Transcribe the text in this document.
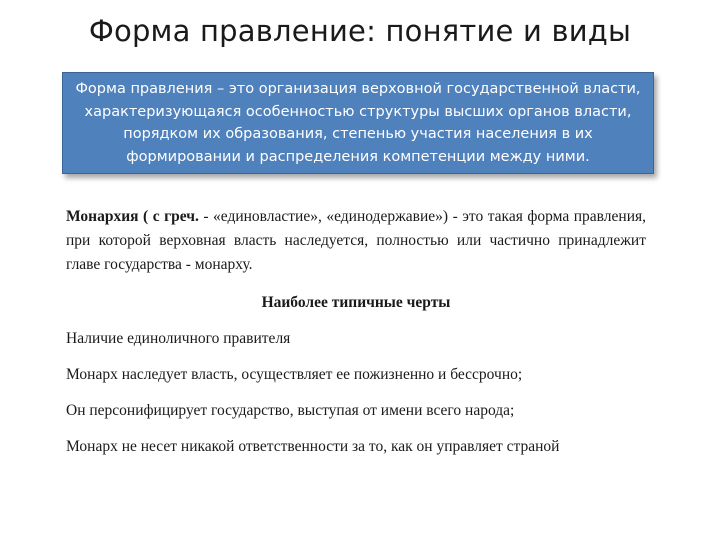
Форма правление: понятие и виды
Форма правления – это организация верховной государственной власти, характеризующаяся особенностью структуры высших органов власти, порядком их образования, степенью участия населения в их формировании и распределения компетенции между ними.

Монархия ( с греч. - «единовластие», «единодержавие») - это такая форма правления, при которой верховная власть наследуется, полностью или частично принадлежит главе государства - монарху.

Наиболее типичные черты
Наличие единоличного правителя
Монарх наследует власть, осуществляет ее пожизненно и бессрочно;
Он персонифицирует государство, выступая от имени всего народа;
Монарх не несет никакой ответственности за то, как он управляет страной
